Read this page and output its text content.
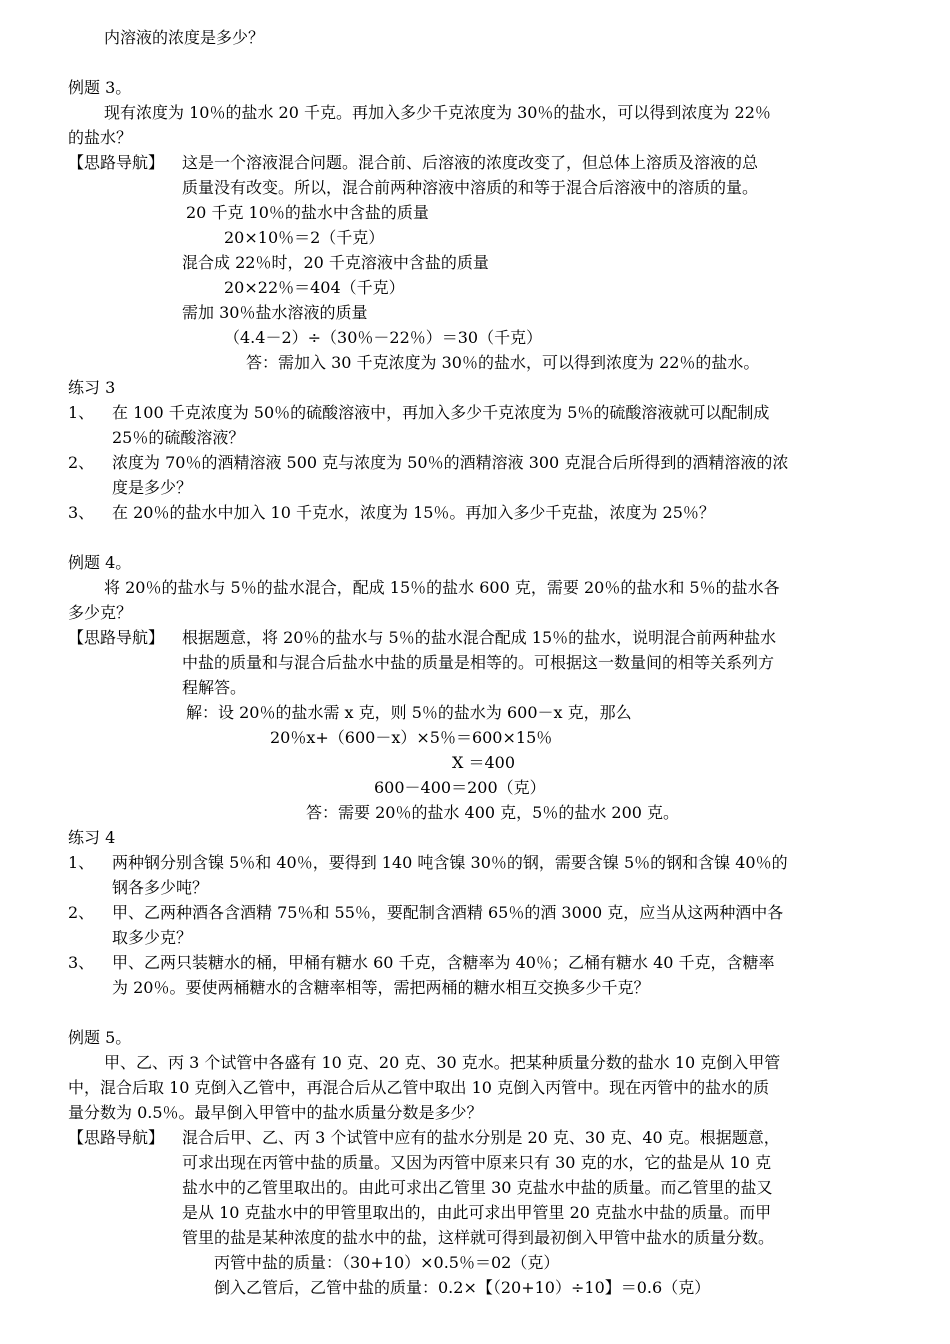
内溶液的浓度是多少？
例题 3。
现有浓度为 10％的盐水 20 千克。再加入多少千克浓度为 30％的盐水，可以得到浓度为 22％
的盐水？
【思路导航】 这是一个溶液混合问题。混合前、后溶液的浓度改变了，但总体上溶质及溶液的总
质量没有改变。所以，混合前两种溶液中溶质的和等于混合后溶液中的溶质的量。
20 千克 10％的盐水中含盐的质量
20×10％＝2（千克）
混合成 22％时，20 千克溶液中含盐的质量
20×22％＝404（千克）
需加 30％盐水溶液的质量
（4.4－2）÷（30％－22％）＝30（千克）
答：需加入 30 千克浓度为 30％的盐水，可以得到浓度为 22％的盐水。
练习 3
1、 在 100 千克浓度为 50％的硫酸溶液中，再加入多少千克浓度为 5％的硫酸溶液就可以配制成
25％的硫酸溶液？
2、 浓度为 70％的酒精溶液 500 克与浓度为 50％的酒精溶液 300 克混合后所得到的酒精溶液的浓
度是多少？
3、 在 20％的盐水中加入 10 千克水，浓度为 15％。再加入多少千克盐，浓度为 25％？
例题 4。
将 20％的盐水与 5％的盐水混合，配成 15％的盐水 600 克，需要 20％的盐水和 5％的盐水各
多少克？
【思路导航】 根据题意，将 20％的盐水与 5％的盐水混合配成 15％的盐水，说明混合前两种盐水
中盐的质量和与混合后盐水中盐的质量是相等的。可根据这一数量间的相等关系列方
程解答。
解：设 20％的盐水需 x 克，则 5％的盐水为 600－x 克，那么
20％x+（600－x）×5％＝600×15％
X ＝400
600－400＝200（克）
答：需要 20％的盐水 400 克，5％的盐水 200 克。
练习 4
1、 两种钢分别含镍 5％和 40％，要得到 140 吨含镍 30％的钢，需要含镍 5％的钢和含镍 40％的
钢各多少吨？
2、 甲、乙两种酒各含酒精 75％和 55％，要配制含酒精 65％的酒 3000 克，应当从这两种酒中各
取多少克？
3、 甲、乙两只装糖水的桶，甲桶有糖水 60 千克，含糖率为 40％；乙桶有糖水 40 千克，含糖率
为 20％。要使两桶糖水的含糖率相等，需把两桶的糖水相互交换多少千克？
例题 5。
甲、乙、丙 3 个试管中各盛有 10 克、20 克、30 克水。把某种质量分数的盐水 10 克倒入甲管
中，混合后取 10 克倒入乙管中，再混合后从乙管中取出 10 克倒入丙管中。现在丙管中的盐水的质
量分数为 0.5％。最早倒入甲管中的盐水质量分数是多少？
【思路导航】 混合后甲、乙、丙 3 个试管中应有的盐水分别是 20 克、30 克、40 克。根据题意，
可求出现在丙管中盐的质量。又因为丙管中原来只有 30 克的水，它的盐是从 10 克
盐水中的乙管里取出的。由此可求出乙管里 30 克盐水中盐的质量。而乙管里的盐又
是从 10 克盐水中的甲管里取出的，由此可求出甲管里 20 克盐水中盐的质量。而甲
管里的盐是某种浓度的盐水中的盐，这样就可得到最初倒入甲管中盐水的质量分数。
丙管中盐的质量：（30+10）×0.5％＝02（克）
倒入乙管后，乙管中盐的质量：0.2×【（20+10）÷10】＝0.6（克）
